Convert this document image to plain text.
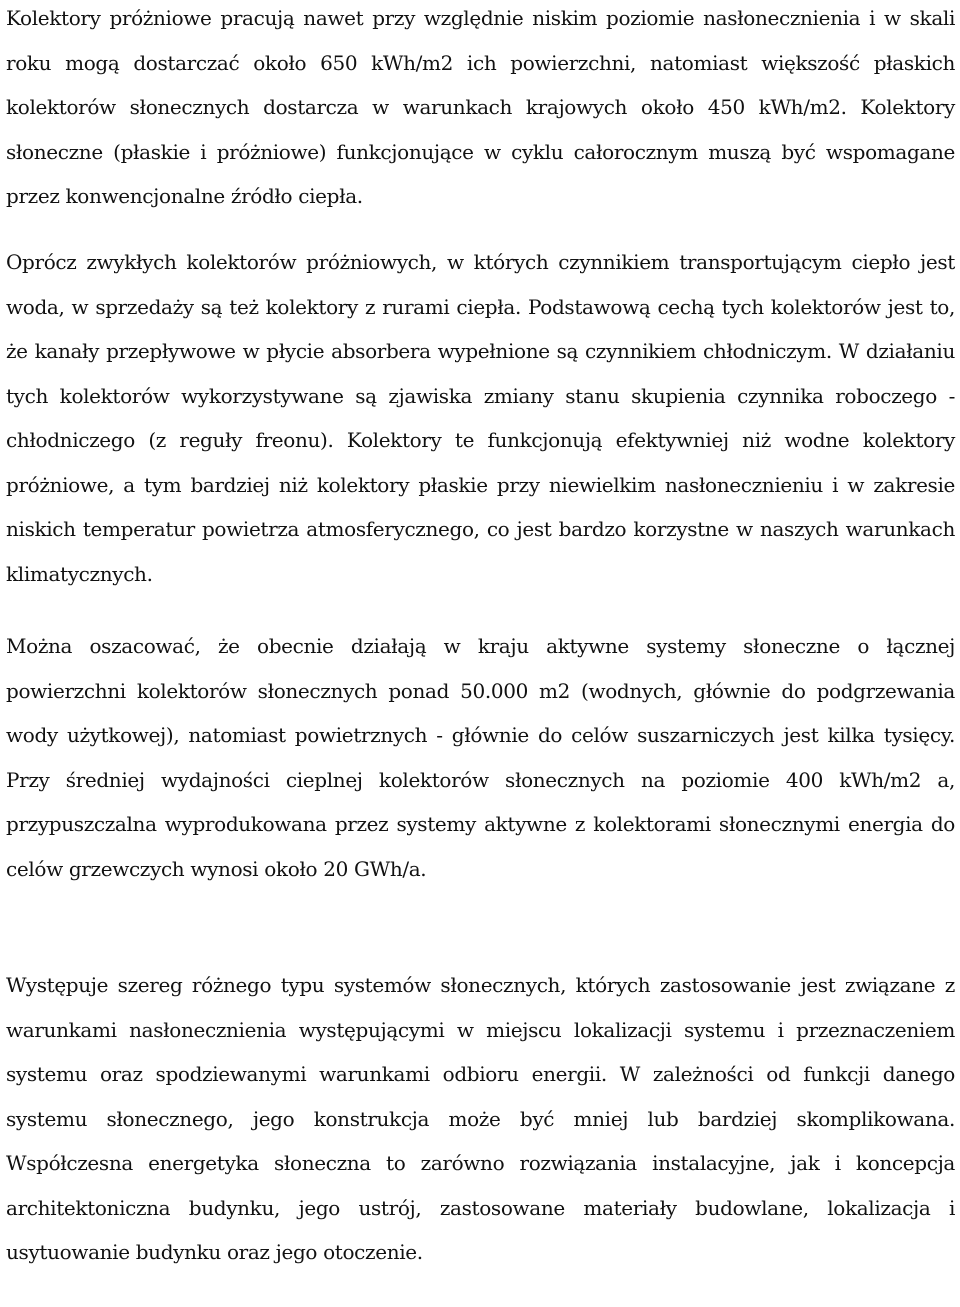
Kolektory próżniowe pracują nawet przy względnie niskim poziomie nasłonecznienia i w skali roku mogą dostarczać około 650 kWh/m2 ich powierzchni, natomiast większość płaskich kolektorów słonecznych dostarcza w warunkach krajowych około 450 kWh/m2. Kolektory słoneczne (płaskie i próżniowe) funkcjonujące w cyklu całorocznym muszą być wspomagane przez konwencjonalne źródło ciepła.

Oprócz zwykłych kolektorów próżniowych, w których czynnikiem transportującym ciepło jest woda, w sprzedaży są też kolektory z rurami ciepła. Podstawową cechą tych kolektorów jest to, że kanały przepływowe w płycie absorbera wypełnione są czynnikiem chłodniczym. W działaniu tych kolektorów wykorzystywane są zjawiska zmiany stanu skupienia czynnika roboczego - chłodniczego (z reguły freonu). Kolektory te funkcjonują efektywniej niż wodne kolektory próżniowe, a tym bardziej niż kolektory płaskie przy niewielkim nasłonecznieniu i w zakresie niskich temperatur powietrza atmosferycznego, co jest bardzo korzystne w naszych warunkach klimatycznych.

Można oszacować, że obecnie działają w kraju aktywne systemy słoneczne o łącznej powierzchni kolektorów słonecznych ponad 50.000 m2 (wodnych, głównie do podgrzewania wody użytkowej), natomiast powietrznych - głównie do celów suszarniczych jest kilka tysięcy. Przy średniej wydajności cieplnej kolektorów słonecznych na poziomie 400 kWh/m2 a, przypuszczalna wyprodukowana przez systemy aktywne z kolektorami słonecznymi energia do celów grzewczych wynosi około 20 GWh/a.

Występuje szereg różnego typu systemów słonecznych, których zastosowanie jest związane z warunkami nasłonecznienia występującymi w miejscu lokalizacji systemu i przeznaczeniem systemu oraz spodziewanymi warunkami odbioru energii. W zależności od funkcji danego systemu słonecznego, jego konstrukcja może być mniej lub bardziej skomplikowana. Współczesna energetyka słoneczna to zarówno rozwiązania instalacyjne, jak i koncepcja architektoniczna budynku, jego ustrój, zastosowane materiały budowlane, lokalizacja i usytuowanie budynku oraz jego otoczenie.
